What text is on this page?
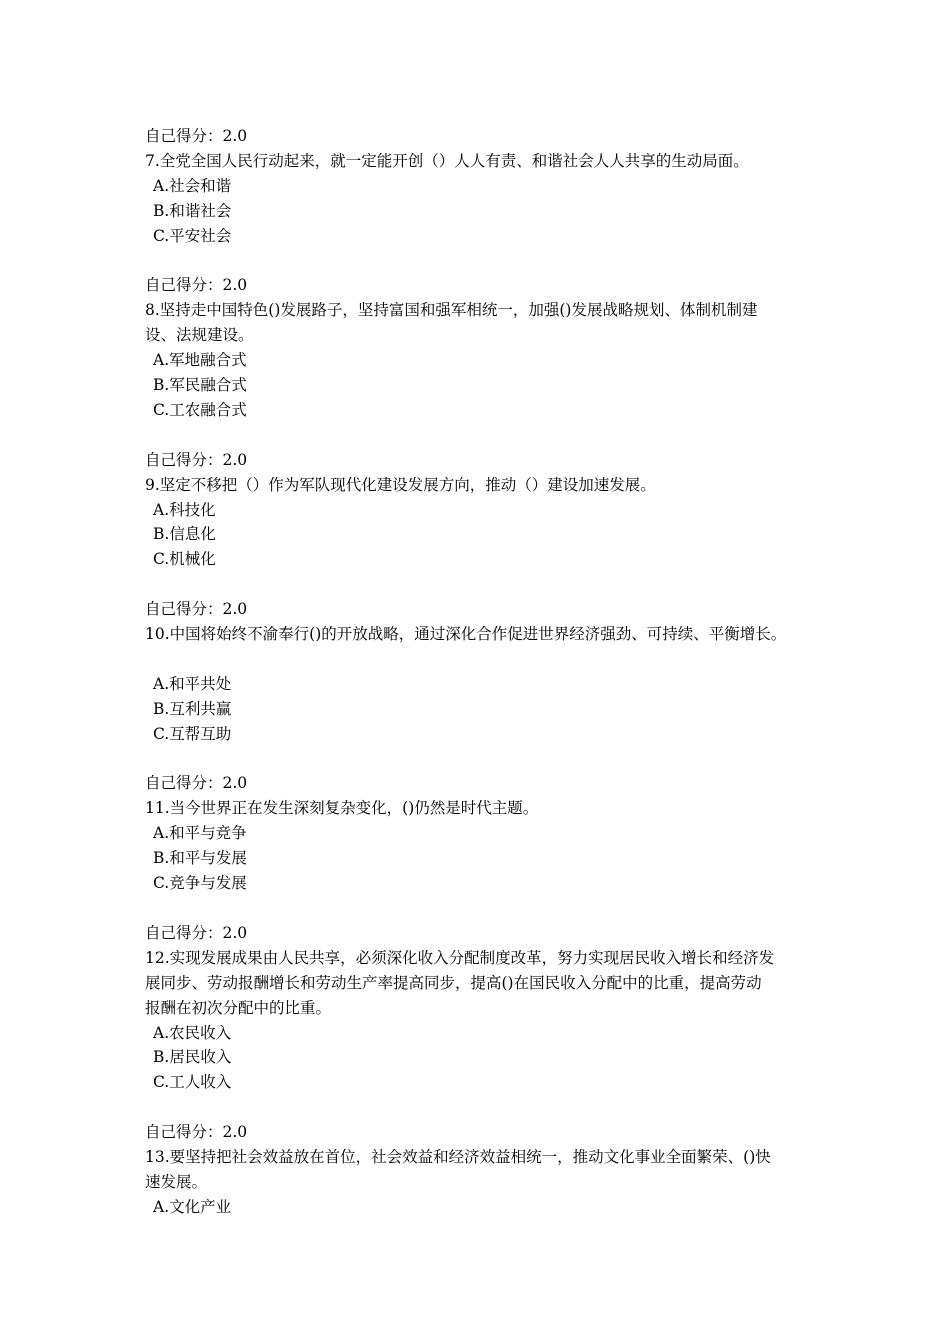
自己得分：2.0
7.全党全国人民行动起来，就一定能开创（）人人有责、和谐社会人人共享的生动局面。
A.社会和谐
B.和谐社会
C.平安社会
自己得分：2.0
8.坚持走中国特色()发展路子，坚持富国和强军相统一，加强()发展战略规划、体制机制建
设、法规建设。
A.军地融合式
B.军民融合式
C.工农融合式
自己得分：2.0
9.坚定不移把（）作为军队现代化建设发展方向，推动（）建设加速发展。
A.科技化
B.信息化
C.机械化
自己得分：2.0
10.中国将始终不渝奉行()的开放战略，通过深化合作促进世界经济强劲、可持续、平衡增长。
A.和平共处
B.互利共赢
C.互帮互助
自己得分：2.0
11.当今世界正在发生深刻复杂变化，()仍然是时代主题。
A.和平与竞争
B.和平与发展
C.竞争与发展
自己得分：2.0
12.实现发展成果由人民共享，必须深化收入分配制度改革，努力实现居民收入增长和经济发
展同步、劳动报酬增长和劳动生产率提高同步，提高()在国民收入分配中的比重，提高劳动
报酬在初次分配中的比重。
A.农民收入
B.居民收入
C.工人收入
自己得分：2.0
13.要坚持把社会效益放在首位，社会效益和经济效益相统一，推动文化事业全面繁荣、()快
速发展。
A.文化产业
